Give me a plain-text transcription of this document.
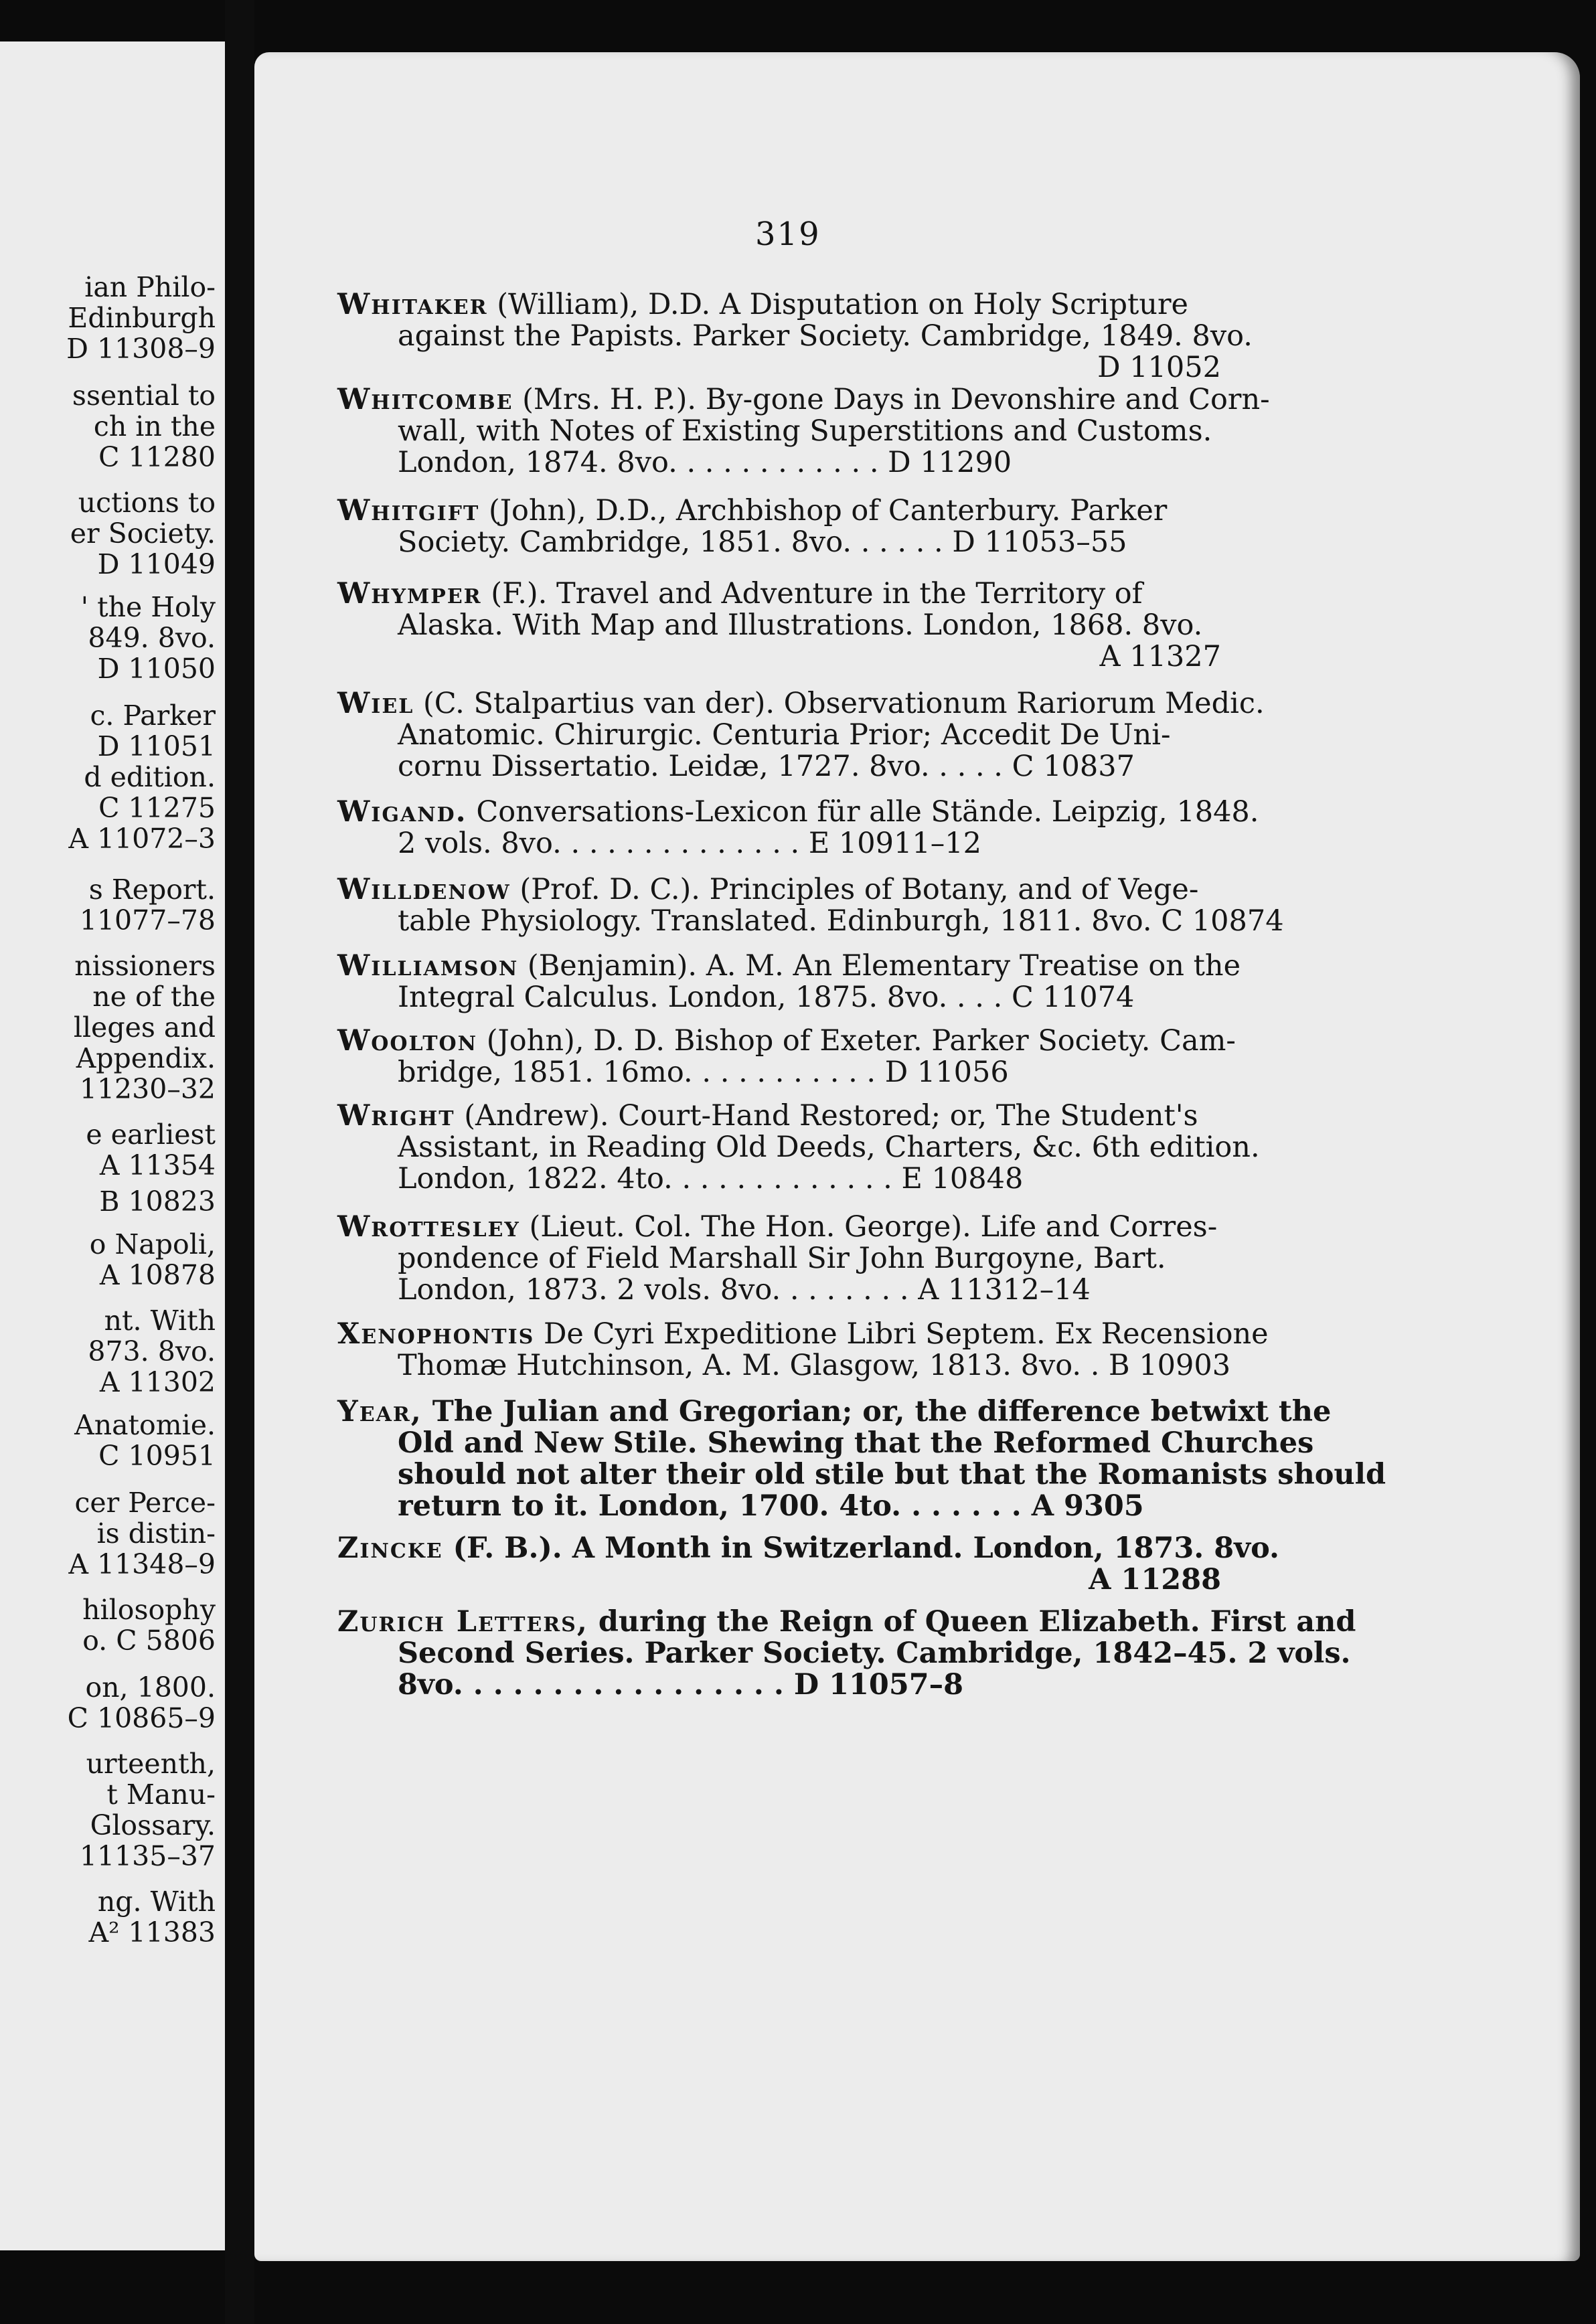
ian Philo-
Edinburgh
D 11308–9
ssential to
ch in the
C 11280
uctions to
er Society.
D 11049
' the Holy
849. 8vo.
D 11050
c. Parker
D 11051
d edition.
C 11275
A 11072–3
s Report.
11077–78
nissioners
ne of the
lleges and
Appendix.
11230–32
e earliest
A 11354
B 10823
o Napoli,
A 10878
nt. With
873. 8vo.
A 11302
Anatomie.
C 10951
cer Perce-
is distin-
A 11348–9
hilosophy
o. C 5806
on, 1800.
C 10865–9
urteenth,
t Manu-
Glossary.
11135–37
ng. With
A² 11383
319
Whitaker (William), D.D. A Disputation on Holy Scripture
against the Papists. Parker Society. Cambridge, 1849. 8vo.
D 11052
Whitcombe (Mrs. H. P.). By-gone Days in Devonshire and Corn-
wall, with Notes of Existing Superstitions and Customs.
London, 1874. 8vo. . . . . . . . . . . . D 11290
Whitgift (John), D.D., Archbishop of Canterbury. Parker
Society. Cambridge, 1851. 8vo. . . . . . D 11053–55
Whymper (F.). Travel and Adventure in the Territory of
Alaska. With Map and Illustrations. London, 1868. 8vo.
A 11327
Wiel (C. Stalpartius van der). Observationum Rariorum Medic.
Anatomic. Chirurgic. Centuria Prior; Accedit De Uni-
cornu Dissertatio. Leidæ, 1727. 8vo. . . . . C 10837
Wigand. Conversations-Lexicon für alle Stände. Leipzig, 1848.
2 vols. 8vo. . . . . . . . . . . . . . E 10911–12
Willdenow (Prof. D. C.). Principles of Botany, and of Vege-
table Physiology. Translated. Edinburgh, 1811. 8vo. C 10874
Williamson (Benjamin). A. M. An Elementary Treatise on the
Integral Calculus. London, 1875. 8vo. . . . C 11074
Woolton (John), D. D. Bishop of Exeter. Parker Society. Cam-
bridge, 1851. 16mo. . . . . . . . . . . D 11056
Wright (Andrew). Court-Hand Restored; or, The Student's
Assistant, in Reading Old Deeds, Charters, &c. 6th edition.
London, 1822. 4to. . . . . . . . . . . . . E 10848
Wrottesley (Lieut. Col. The Hon. George). Life and Corres-
pondence of Field Marshall Sir John Burgoyne, Bart.
London, 1873. 2 vols. 8vo. . . . . . . . A 11312–14
Xenophontis De Cyri Expeditione Libri Septem. Ex Recensione
Thomæ Hutchinson, A. M. Glasgow, 1813. 8vo. . B 10903
Year, The Julian and Gregorian; or, the difference betwixt the
Old and New Stile. Shewing that the Reformed Churches
should not alter their old stile but that the Romanists should
return to it. London, 1700. 4to. . . . . . . A 9305
Zincke (F. B.). A Month in Switzerland. London, 1873. 8vo.
A 11288
Zurich Letters, during the Reign of Queen Elizabeth. First and
Second Series. Parker Society. Cambridge, 1842–45. 2 vols.
8vo. . . . . . . . . . . . . . . . . D 11057–8
